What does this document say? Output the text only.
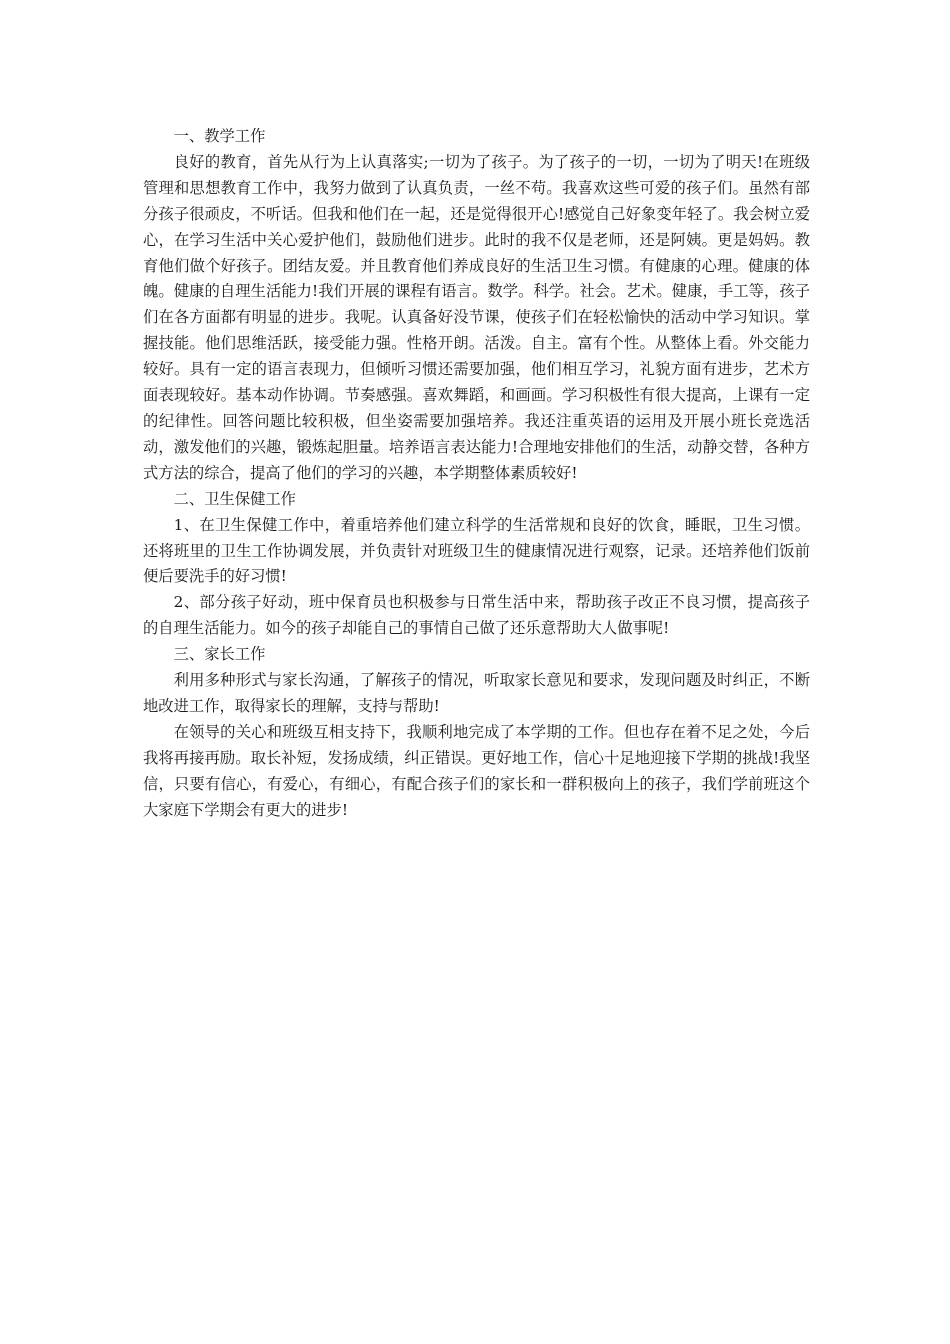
一、教学工作

良好的教育，首先从行为上认真落实;一切为了孩子。为了孩子的一切，一切为了明天!在班级管理和思想教育工作中，我努力做到了认真负责，一丝不苟。我喜欢这些可爱的孩子们。虽然有部分孩子很顽皮，不听话。但我和他们在一起，还是觉得很开心!感觉自己好象变年轻了。我会树立爱心，在学习生活中关心爱护他们，鼓励他们进步。此时的我不仅是老师，还是阿姨。更是妈妈。教育他们做个好孩子。团结友爱。并且教育他们养成良好的生活卫生习惯。有健康的心理。健康的体魄。健康的自理生活能力!我们开展的课程有语言。数学。科学。社会。艺术。健康，手工等，孩子们在各方面都有明显的进步。我呢。认真备好没节课，使孩子们在轻松愉快的活动中学习知识。掌握技能。他们思维活跃，接受能力强。性格开朗。活泼。自主。富有个性。从整体上看。外交能力较好。具有一定的语言表现力，但倾听习惯还需要加强，他们相互学习，礼貌方面有进步，艺术方面表现较好。基本动作协调。节奏感强。喜欢舞蹈，和画画。学习积极性有很大提高，上课有一定的纪律性。回答问题比较积极，但坐姿需要加强培养。我还注重英语的运用及开展小班长竞选活动，激发他们的兴趣，锻炼起胆量。培养语言表达能力!合理地安排他们的生活，动静交替，各种方式方法的综合，提高了他们的学习的兴趣，本学期整体素质较好!

二、卫生保健工作

1、在卫生保健工作中，着重培养他们建立科学的生活常规和良好的饮食，睡眠，卫生习惯。还将班里的卫生工作协调发展，并负责针对班级卫生的健康情况进行观察，记录。还培养他们饭前便后要洗手的好习惯!

2、部分孩子好动，班中保育员也积极参与日常生活中来，帮助孩子改正不良习惯，提高孩子的自理生活能力。如今的孩子却能自己的事情自己做了还乐意帮助大人做事呢!

三、家长工作

利用多种形式与家长沟通，了解孩子的情况，听取家长意见和要求，发现问题及时纠正，不断地改进工作，取得家长的理解，支持与帮助!

在领导的关心和班级互相支持下，我顺利地完成了本学期的工作。但也存在着不足之处，今后我将再接再励。取长补短，发扬成绩，纠正错误。更好地工作，信心十足地迎接下学期的挑战!我坚信，只要有信心，有爱心，有细心，有配合孩子们的家长和一群积极向上的孩子，我们学前班这个大家庭下学期会有更大的进步!
